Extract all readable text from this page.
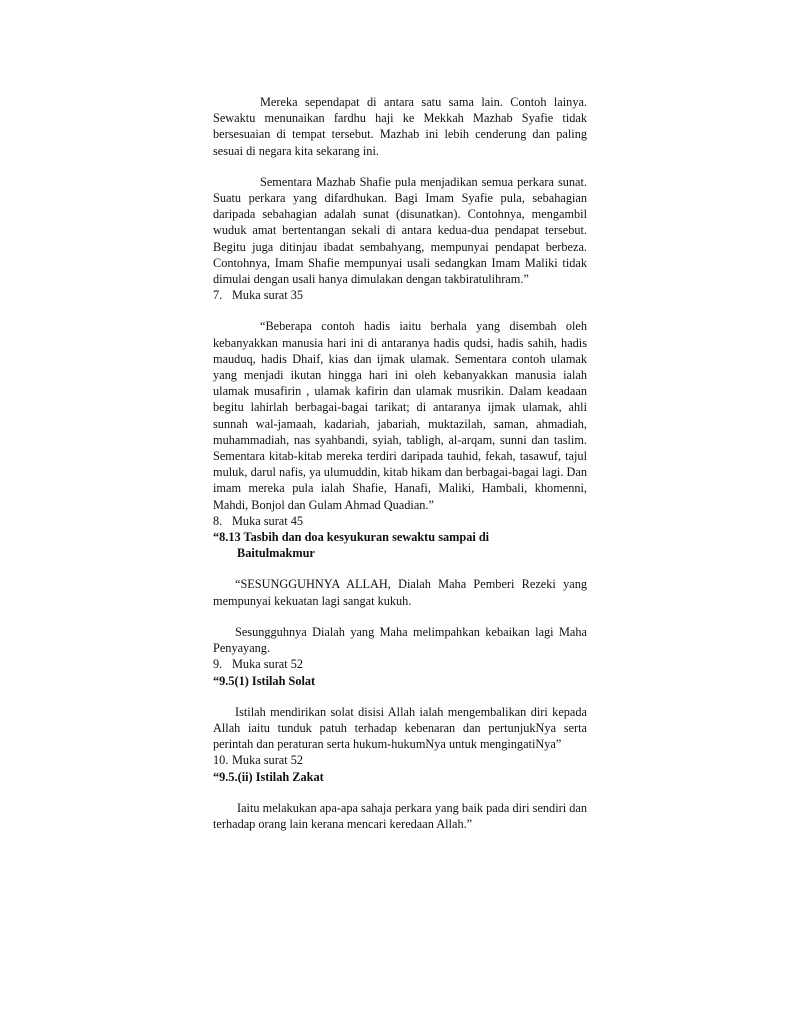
Mereka sependapat di antara satu sama lain. Contoh lainya. Sewaktu menunaikan fardhu haji ke Mekkah Mazhab Syafie tidak bersesuaian di tempat tersebut. Mazhab ini lebih cenderung dan paling sesuai di negara kita sekarang ini.

Sementara Mazhab Shafie pula menjadikan semua perkara sunat. Suatu perkara yang difardhukan. Bagi Imam Syafie pula, sebahagian daripada sebahagian adalah sunat (disunatkan). Contohnya, mengambil wuduk amat bertentangan sekali di antara kedua-dua pendapat tersebut. Begitu juga ditinjau ibadat sembahyang, mempunyai pendapat berbeza. Contohnya, Imam Shafie mempunyai usali sedangkan Imam Maliki tidak dimulai dengan usali hanya dimulakan dengan takbiratulihram.”

7. Muka surat 35

“Beberapa contoh hadis iaitu berhala yang disembah oleh kebanyakkan manusia hari ini di antaranya hadis qudsi, hadis sahih, hadis mauduq, hadis Dhaif, kias dan ijmak ulamak. Sementara contoh ulamak yang menjadi ikutan hingga hari ini oleh kebanyakkan manusia ialah ulamak musafirin , ulamak kafirin dan ulamak musrikin. Dalam keadaan begitu lahirlah berbagai-bagai tarikat; di antaranya ijmak ulamak, ahli sunnah wal-jamaah, kadariah, jabariah, muktazilah, saman, ahmadiah, muhammadiah, nas syahbandi, syiah, tabligh, al-arqam, sunni dan taslim. Sementara kitab-kitab mereka terdiri daripada tauhid, fekah, tasawuf, tajul muluk, darul nafis, ya ulumuddin, kitab hikam dan berbagai-bagai lagi. Dan imam mereka pula ialah Shafie, Hanafi, Maliki, Hambali, khomenni, Mahdi, Bonjol dan Gulam Ahmad Quadian.”

8. Muka surat 45

“8.13 Tasbih dan doa kesyukuran sewaktu sampai di
Baitulmakmur

“SESUNGGUHNYA ALLAH, Dialah Maha Pemberi Rezeki yang mempunyai kekuatan lagi sangat kukuh.

Sesungguhnya Dialah yang Maha melimpahkan kebaikan lagi Maha Penyayang.

9. Muka surat 52

“9.5(1) Istilah Solat

Istilah mendirikan solat disisi Allah ialah mengembalikan diri kepada Allah iaitu tunduk patuh terhadap kebenaran dan pertunjukNya serta perintah dan peraturan serta hukum-hukumNya untuk mengingatiNya”

10. Muka surat 52

“9.5.(ii) Istilah Zakat

Iaitu melakukan apa-apa sahaja perkara yang baik pada diri sendiri dan terhadap orang lain kerana mencari keredaan Allah.”
